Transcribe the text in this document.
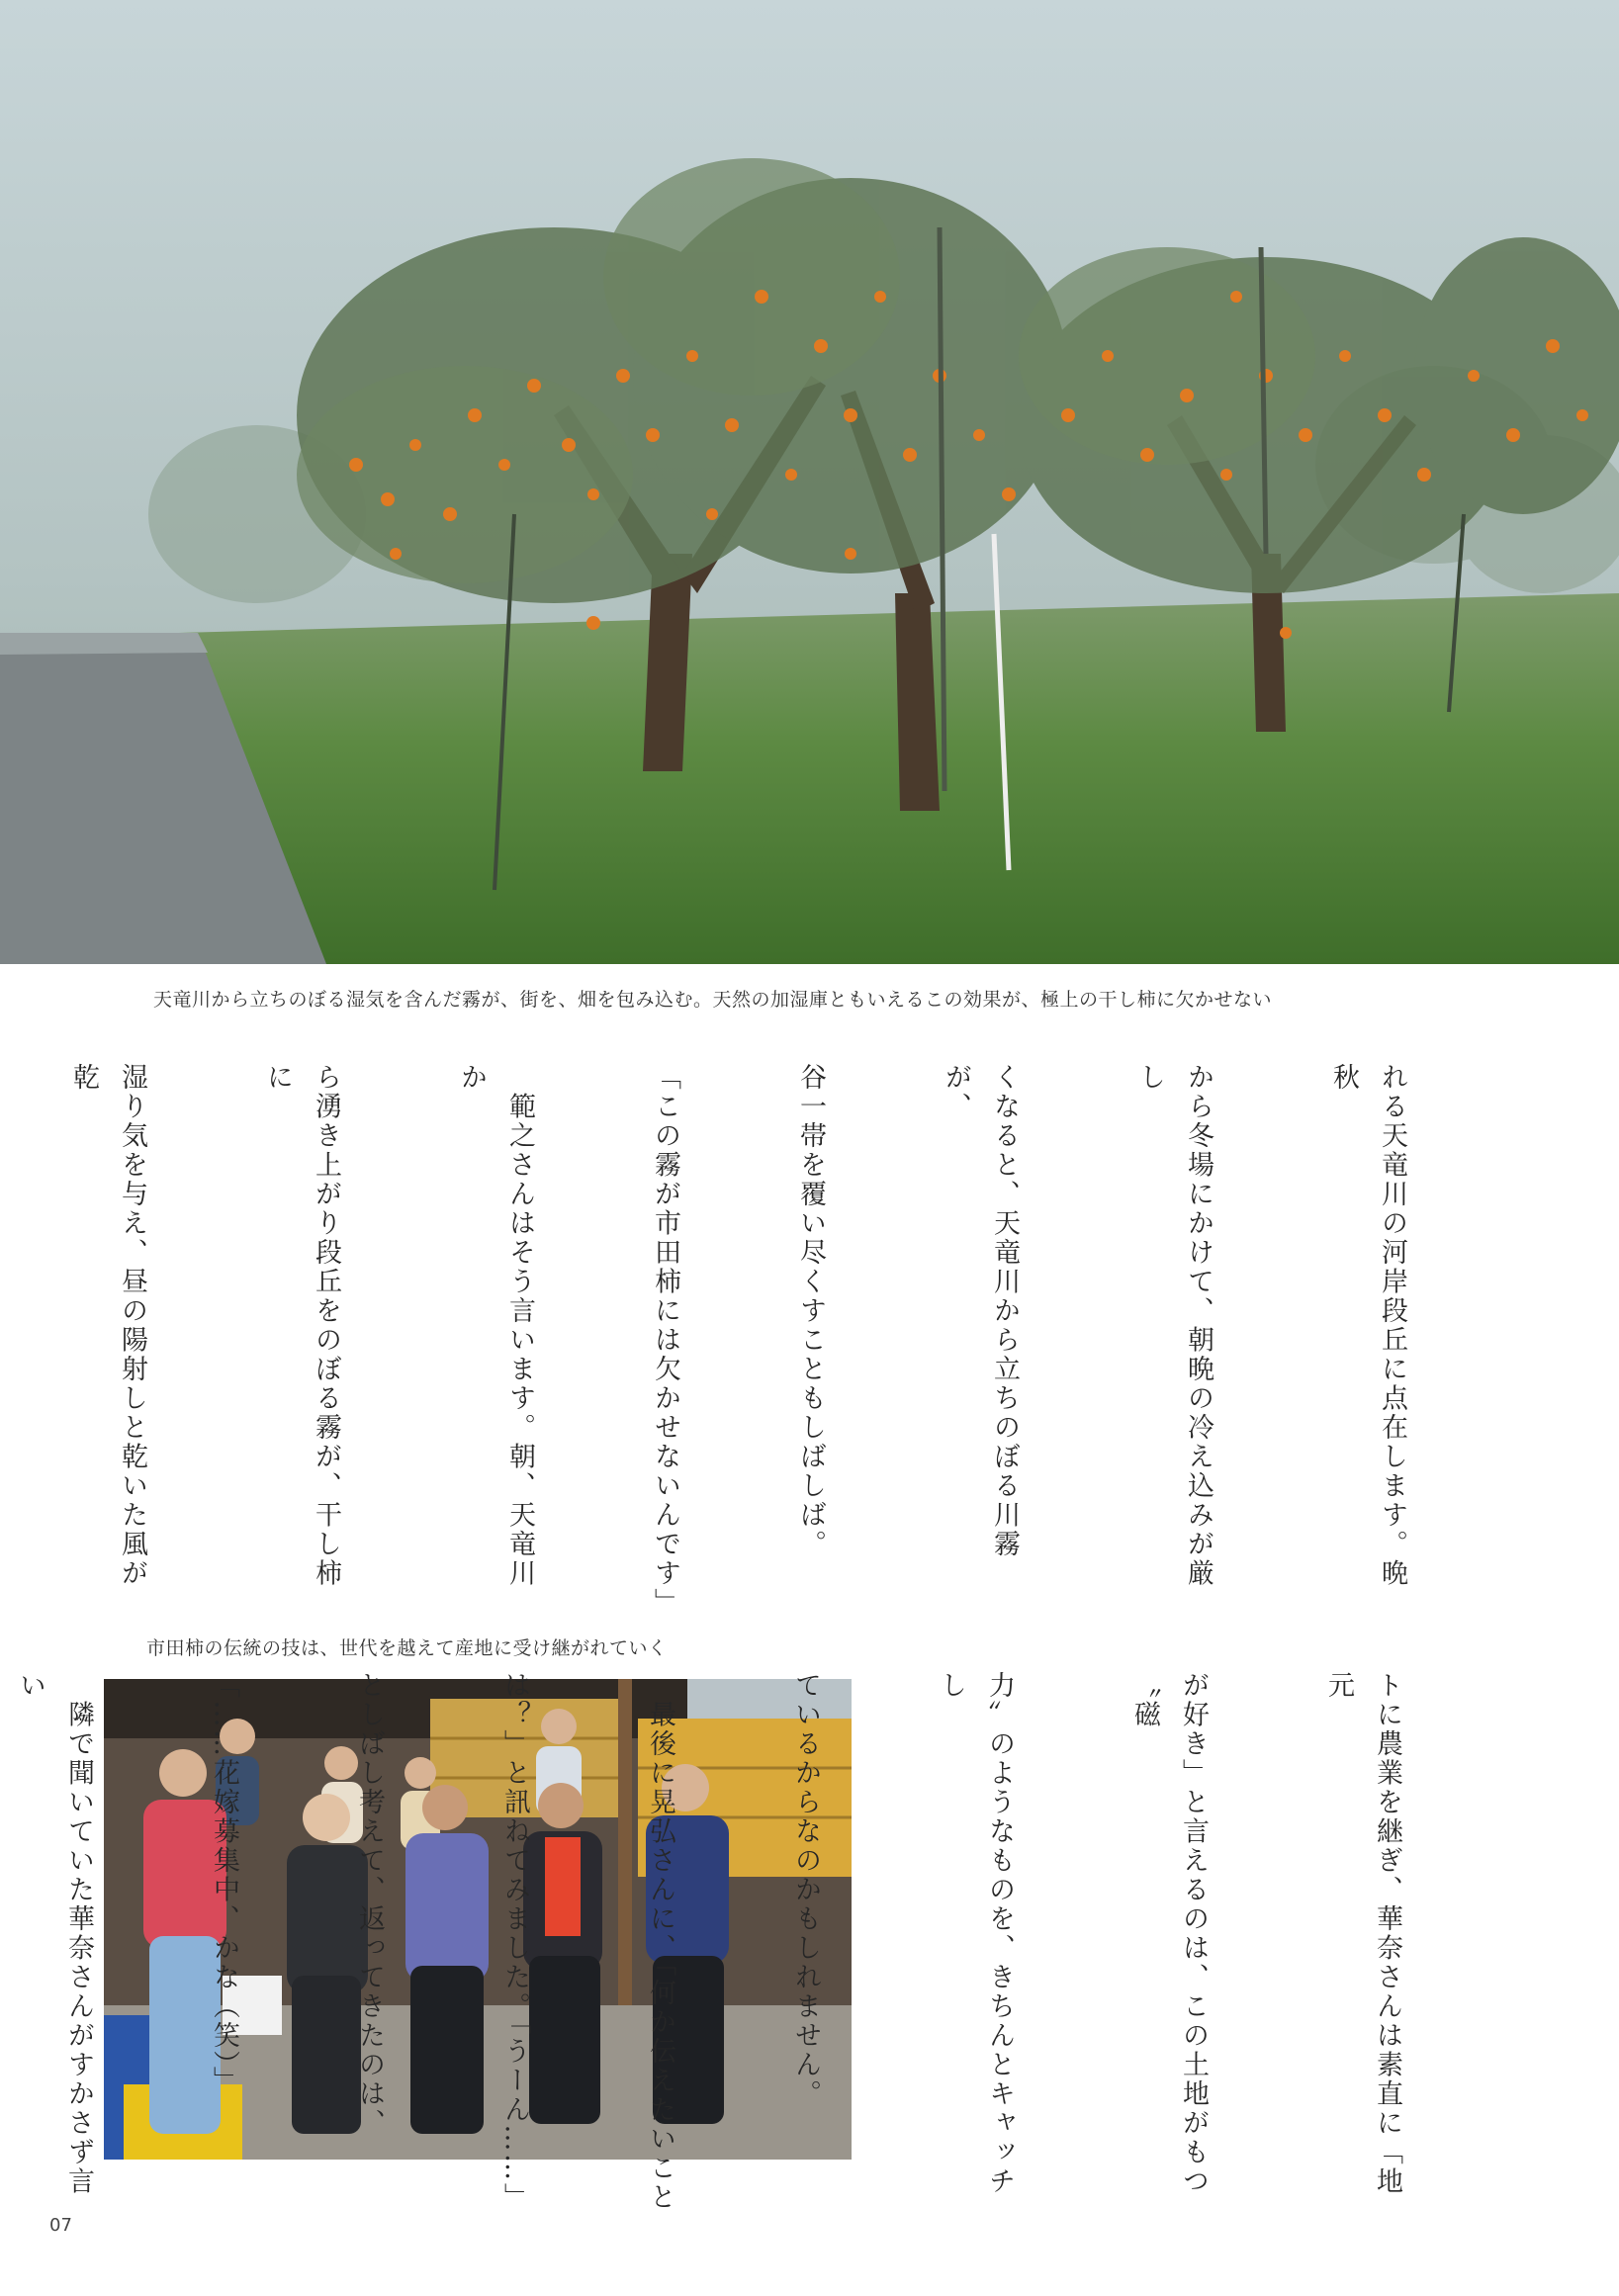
天竜川から立ちのぼる湿気を含んだ霧が、街を、畑を包み込む。天然の加湿庫ともいえるこの効果が、極上の干し柿に欠かせない

れる天竜川の河岸段丘に点在します。晩秋

から冬場にかけて、朝晩の冷え込みが厳し

くなると、天竜川から立ちのぼる川霧が、

谷一帯を覆い尽くすこともしばしば。

「この霧が市田柿には欠かせないんです」

　範之さんはそう言います。朝、天竜川か

ら湧き上がり段丘をのぼる霧が、干し柿に

湿り気を与え、昼の陽射しと乾いた風が乾

市田柿の伝統の技は、世代を越えて産地に受け継がれていく

トに農業を継ぎ、華奈さんは素直に「地元

が好き」と言えるのは、この土地がもつ〝磁

力〟のようなものを、きちんとキャッチし

ているからなのかもしれません。

　最後に晃弘さんに、「何か伝えたいこと

は？」と訊ねてみました。「うーん……」

としばし考えて、返ってきたのは、

「……花嫁募集中、かな（笑）」

　隣で聞いていた華奈さんがすかさず言い

07
